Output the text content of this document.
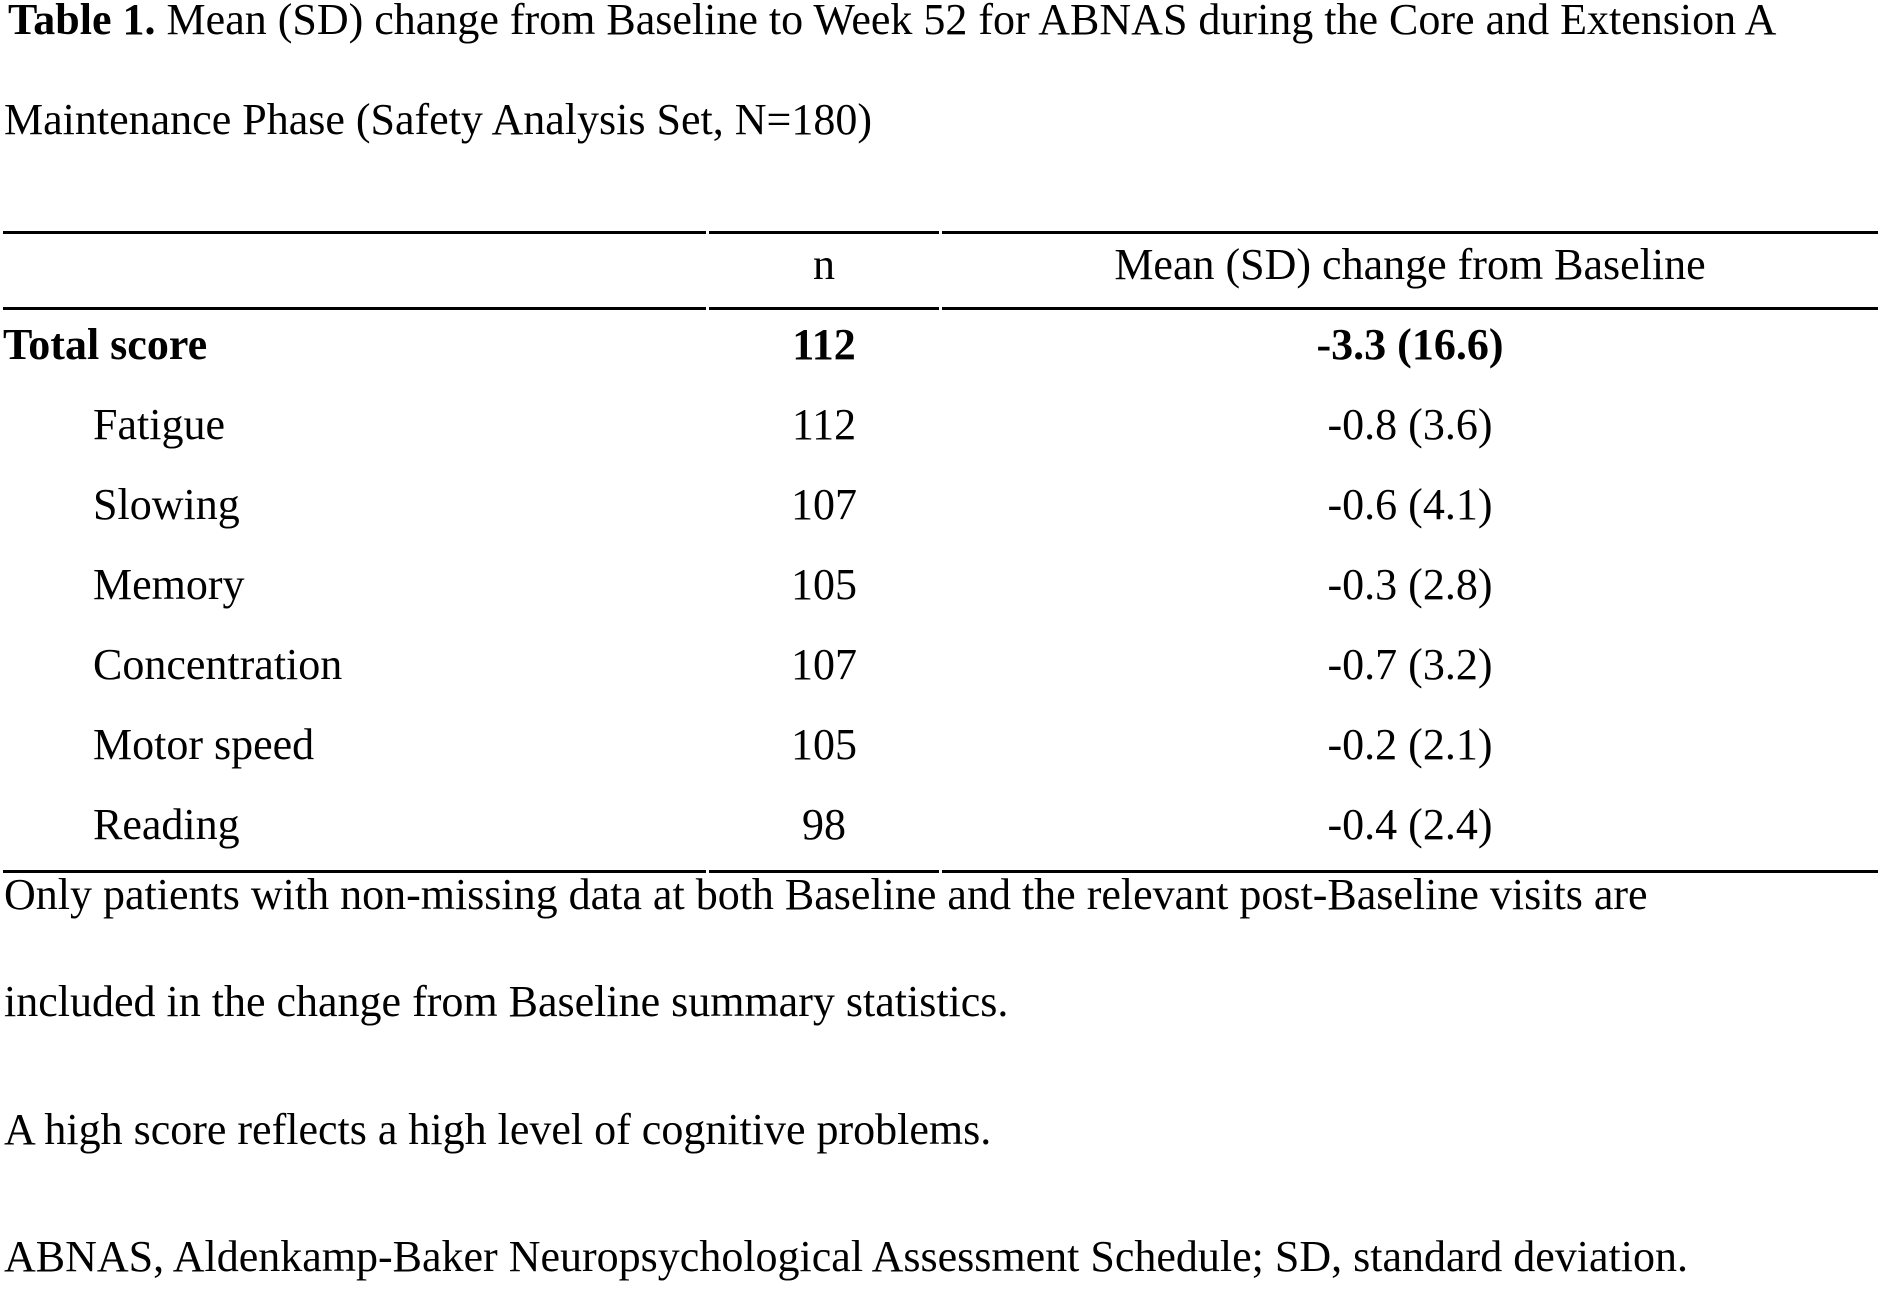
Table 1. Mean (SD) change from Baseline to Week 52 for ABNAS during the Core and Extension A
Maintenance Phase (Safety Analysis Set, N=180)
	n	Mean (SD) change from Baseline
Total score	112	-3.3 (16.6)
Fatigue	112	-0.8 (3.6)
Slowing	107	-0.6 (4.1)
Memory	105	-0.3 (2.8)
Concentration	107	-0.7 (3.2)
Motor speed	105	-0.2 (2.1)
Reading	98	-0.4 (2.4)
Only patients with non-missing data at both Baseline and the relevant post-Baseline visits are
included in the change from Baseline summary statistics.
A high score reflects a high level of cognitive problems.
ABNAS, Aldenkamp-Baker Neuropsychological Assessment Schedule; SD, standard deviation.
